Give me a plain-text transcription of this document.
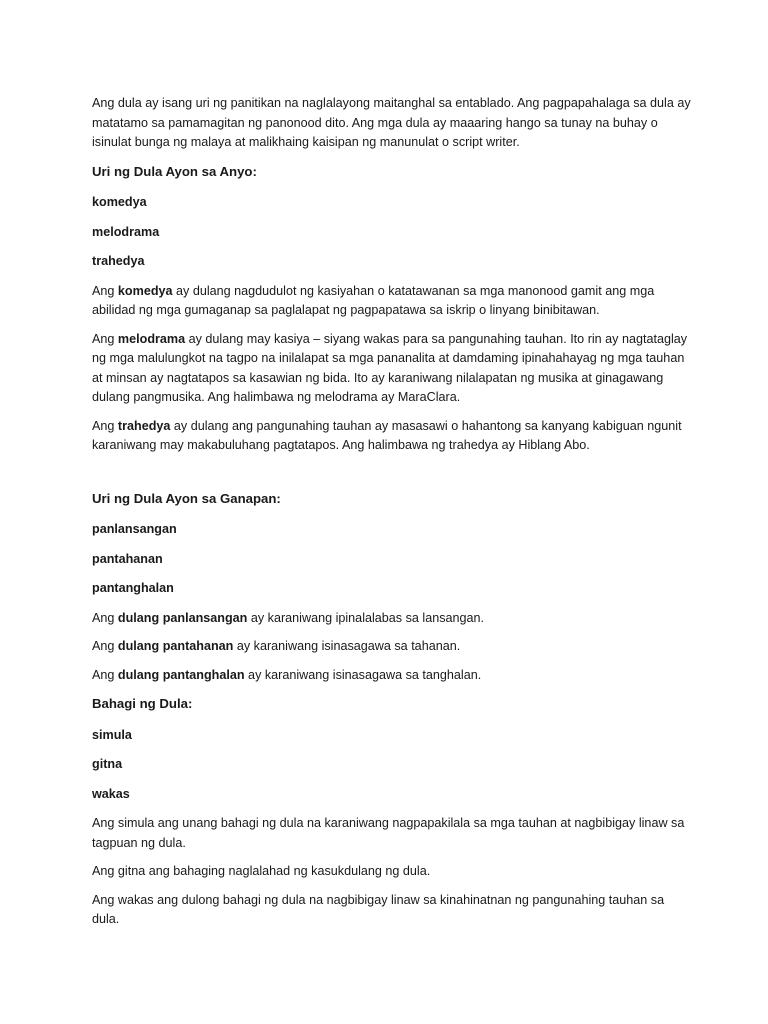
Ang dula ay isang uri ng panitikan na naglalayong maitanghal sa entablado. Ang pagpapahalaga sa dula ay matatamo sa pamamagitan ng panonood dito. Ang mga dula ay maaaring hango sa tunay na buhay o isinulat bunga ng malaya at malikhaing kaisipan ng manunulat o script writer.

Uri ng Dula Ayon sa Anyo:

komedya

melodrama

trahedya

Ang komedya ay dulang nagdudulot ng kasiyahan o katatawanan sa mga manonood gamit ang mga abilidad ng mga gumaganap sa paglalapat ng pagpapatawa sa iskrip o linyang binibitawan.

Ang melodrama ay dulang may kasiya – siyang wakas para sa pangunahing tauhan. Ito rin ay nagtataglay ng mga malulungkot na tagpo na inilalapat sa mga pananalita at damdaming ipinahahayag ng mga tauhan at minsan ay nagtatapos sa kasawian ng bida. Ito ay karaniwang nilalapatan ng musika at ginagawang dulang pangmusika. Ang halimbawa ng melodrama ay MaraClara.

Ang trahedya ay dulang ang pangunahing tauhan ay masasawi o hahantong sa kanyang kabiguan ngunit karaniwang may makabuluhang pagtatapos. Ang halimbawa ng trahedya ay Hiblang Abo.

Uri ng Dula Ayon sa Ganapan:

panlansangan

pantahanan

pantanghalan

Ang dulang panlansangan ay karaniwang ipinalalabas sa lansangan.

Ang dulang pantahanan ay karaniwang isinasagawa sa tahanan.

Ang dulang pantanghalan ay karaniwang isinasagawa sa tanghalan.

Bahagi ng Dula:

simula

gitna

wakas

Ang simula ang unang bahagi ng dula na karaniwang nagpapakilala sa mga tauhan at nagbibigay linaw sa tagpuan ng dula.

Ang gitna ang bahaging naglalahad ng kasukdulang ng dula.

Ang wakas ang dulong bahagi ng dula na nagbibigay linaw sa kinahinatnan ng pangunahing tauhan sa dula.
